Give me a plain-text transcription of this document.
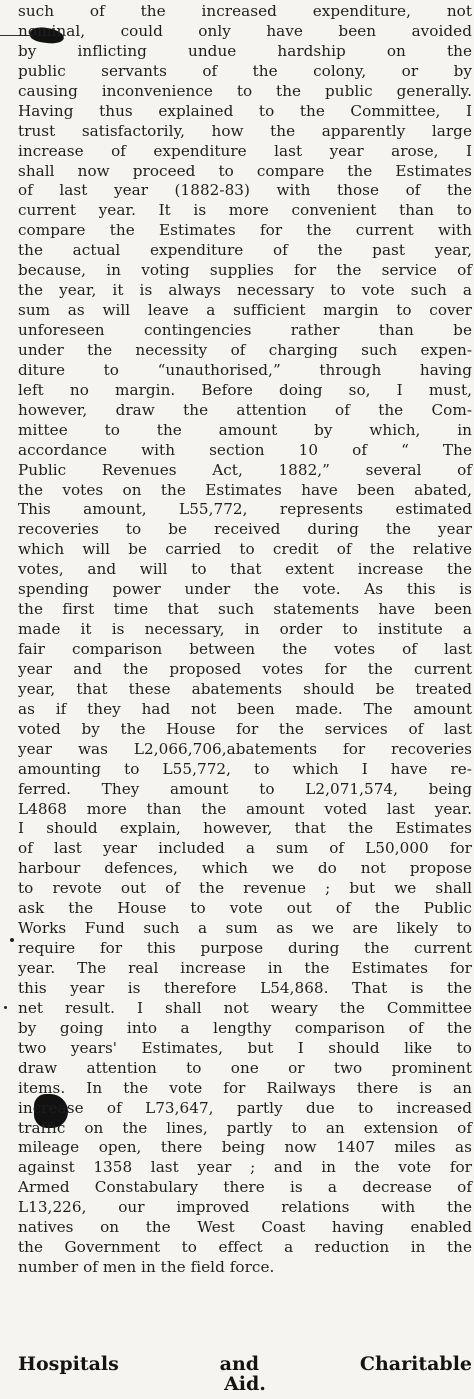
such of the increased expenditure, not
nominal, could only have been avoided
by inflicting undue hardship on the
public servants of the colony, or by
causing inconvenience to the public generally.
Having thus explained to the Committee, I
trust satisfactorily, how the apparently large
increase of expenditure last year arose, I
shall now proceed to compare the Estimates
of last year (1882-83) with those of the
current year. It is more convenient than to
compare the Estimates for the current with
the actual expenditure of the past year,
because, in voting supplies for the service of
the year, it is always necessary to vote such a
sum as will leave a sufficient margin to cover
unforeseen contingencies rather than be
under the necessity of charging such expen-
diture to “unauthorised,” through having
left no margin. Before doing so, I must,
however, draw the attention of the Com-
mittee to the amount by which, in
accordance with section 10 of “ The
Public Revenues Act, 1882,” several of
the votes on the Estimates have been abated,
This amount, L55,772, represents estimated
recoveries to be received during the year
which will be carried to credit of the relative
votes, and will to that extent increase the
spending power under the vote. As this is
the first time that such statements have been
made it is necessary, in order to institute a
fair comparison between the votes of last
year and the proposed votes for the current
year, that these abatements should be treated
as if they had not been made. The amount
voted by the House for the services of last
year was L2,066,706,abatements for recoveries
amounting to L55,772, to which I have re-
ferred. They amount to L2,071,574, being
L4868 more than the amount voted last year.
I should explain, however, that the Estimates
of last year included a sum of L50,000 for
harbour defences, which we do not propose
to revote out of the revenue ; but we shall
ask the House to vote out of the Public
Works Fund such a sum as we are likely to
require for this purpose during the current
year. The real increase in the Estimates for
this year is therefore L54,868. That is the
net result. I shall not weary the Committee
by going into a lengthy comparison of the
two years' Estimates, but I should like to
draw attention to one or two prominent
items. In the vote for Railways there is an
increase of L73,647, partly due to increased
traffic on the lines, partly to an extension of
mileage open, there being now 1407 miles as
against 1358 last year ; and in the vote for
Armed Constabulary there is a decrease of
L13,226, our improved relations with the
natives on the West Coast having enabled
the Government to effect a reduction in the
number of men in the field force.
Hospitals and Charitable
Aid.
